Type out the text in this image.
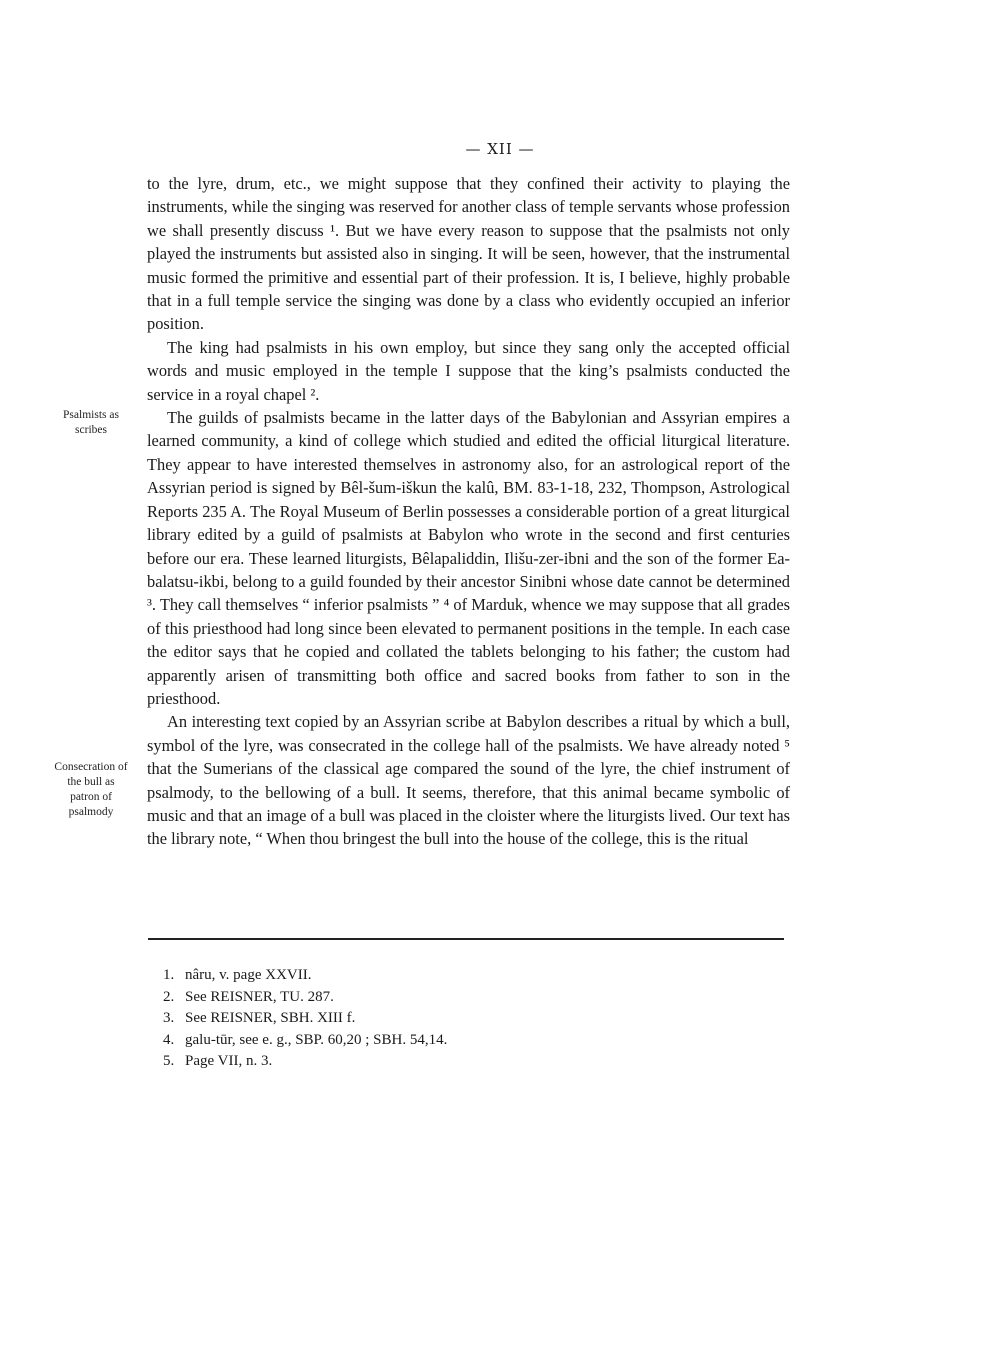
— XII —
Psalmists as scribes
Consecration of the bull as patron of psalmody

to the lyre, drum, etc., we might suppose that they confined their activity to playing the instruments, while the singing was reserved for another class of temple servants whose profession we shall presently discuss ¹. But we have every reason to suppose that the psalmists not only played the instruments but assisted also in singing. It will be seen, however, that the instrumental music formed the primitive and essential part of their profession. It is, I believe, highly probable that in a full temple service the singing was done by a class who evidently occupied an inferior position.

The king had psalmists in his own employ, but since they sang only the accepted official words and music employed in the temple I suppose that the king’s psalmists conducted the service in a royal chapel ².

The guilds of psalmists became in the latter days of the Babylonian and Assyrian empires a learned community, a kind of college which studied and edited the official liturgical literature. They appear to have interested themselves in astronomy also, for an astrological report of the Assyrian period is signed by Bêl-šum-iškun the kalû, BM. 83-1-18, 232, Thompson, Astrological Reports 235 A. The Royal Museum of Berlin possesses a considerable portion of a great liturgical library edited by a guild of psalmists at Babylon who wrote in the second and first centuries before our era. These learned liturgists, Bêlapaliddin, Ilišu-zer-ibni and the son of the former Ea-balatsu-ikbi, belong to a guild founded by their ancestor Sinibni whose date cannot be determined ³. They call themselves “ inferior psalmists ” ⁴ of Marduk, whence we may suppose that all grades of this priesthood had long since been elevated to permanent positions in the temple. In each case the editor says that he copied and collated the tablets belonging to his father; the custom had apparently arisen of transmitting both office and sacred books from father to son in the priesthood.

An interesting text copied by an Assyrian scribe at Babylon describes a ritual by which a bull, symbol of the lyre, was consecrated in the college hall of the psalmists. We have already noted ⁵ that the Sumerians of the classical age compared the sound of the lyre, the chief instrument of psalmody, to the bellowing of a bull. It seems, therefore, that this animal became symbolic of music and that an image of a bull was placed in the cloister where the liturgists lived. Our text has the library note, “ When thou bringest the bull into the house of the college, this is the ritual

1. nâru, v. page XXVII.
2. See REISNER, TU. 287.
3. See REISNER, SBH. XIII f.
4. galu-tūr, see e. g., SBP. 60,20 ; SBH. 54,14.
5. Page VII, n. 3.
